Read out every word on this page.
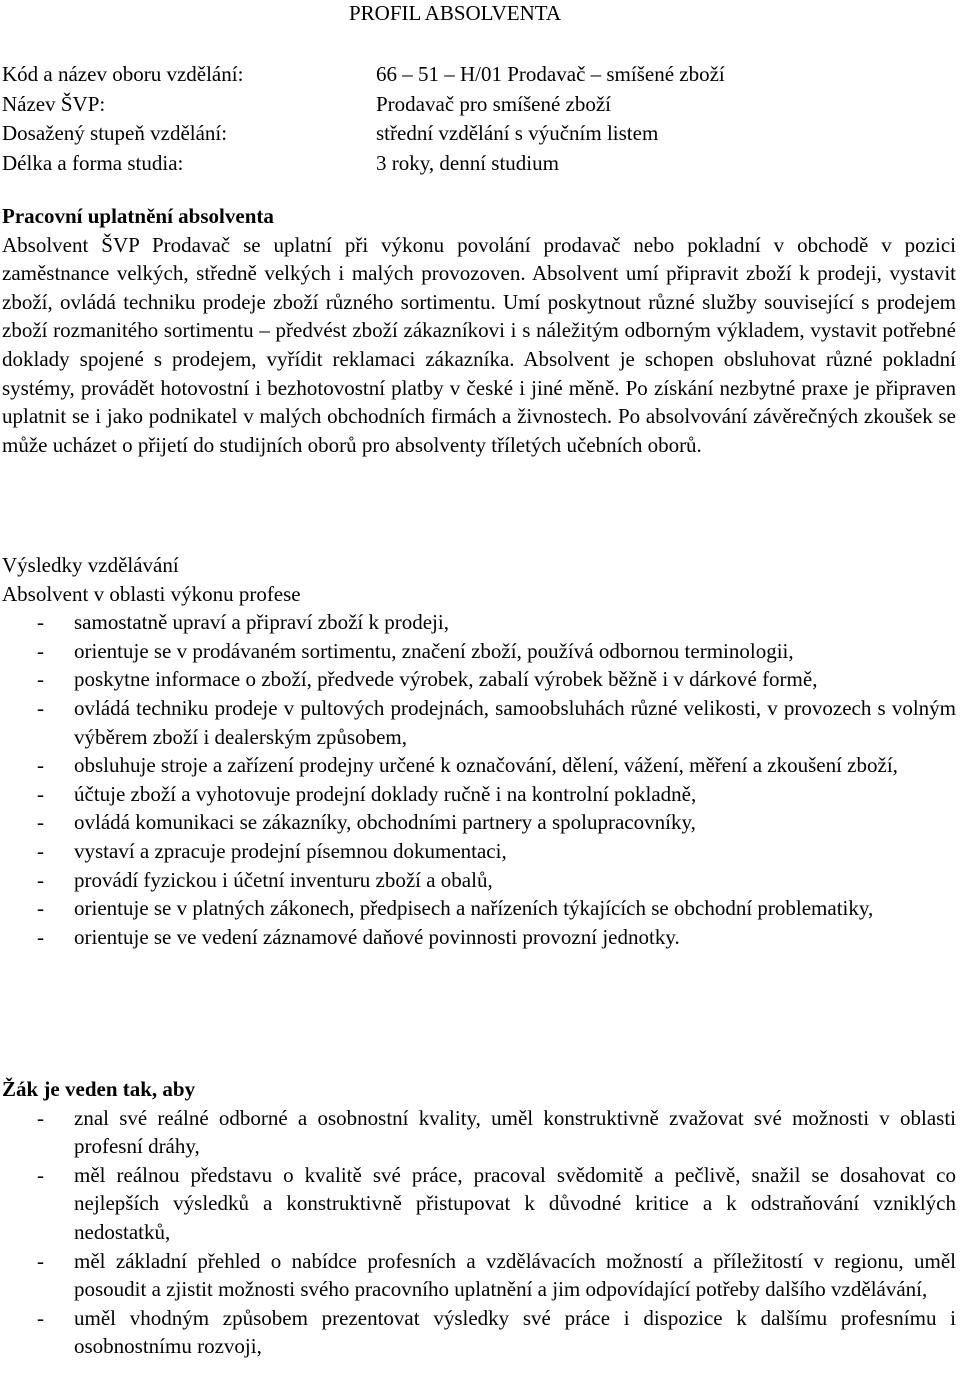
PROFIL ABSOLVENTA
Kód a název oboru vzdělání:	66 – 51 – H/01 Prodavač – smíšené zboží
Název ŠVP:	Prodavač pro smíšené zboží
Dosažený stupeň vzdělání:	střední vzdělání s výučním listem
Délka a forma studia:	3 roky, denní studium

Pracovní uplatnění absolventa

Absolvent ŠVP Prodavač se uplatní při výkonu povolání prodavač nebo pokladní v obchodě v pozici zaměstnance velkých, středně velkých i malých provozoven. Absolvent umí připravit zboží k prodeji, vystavit zboží, ovládá techniku prodeje zboží různého sortimentu. Umí poskytnout různé služby související s prodejem zboží rozmanitého sortimentu – předvést zboží zákazníkovi i s náležitým odborným výkladem, vystavit potřebné doklady spojené s prodejem, vyřídit reklamaci zákazníka. Absolvent je schopen obsluhovat různé pokladní systémy, provádět hotovostní i bezhotovostní platby v české i jiné měně. Po získání nezbytné praxe je připraven uplatnit se i jako podnikatel v malých obchodních firmách a živnostech. Po absolvování závěrečných zkoušek se může ucházet o přijetí do studijních oborů pro absolventy tříletých učebních oborů.

Výsledky vzdělávání

Absolvent v oblasti výkonu profese

- samostatně upraví a připraví zboží k prodeji,
- orientuje se v prodávaném sortimentu, značení zboží, používá odbornou terminologii,
- poskytne informace o zboží, předvede výrobek, zabalí výrobek běžně i v dárkové formě,
- ovládá techniku prodeje v pultových prodejnách, samoobsluhách různé velikosti, v provozech s volným výběrem zboží i dealerským způsobem,
- obsluhuje stroje a zařízení prodejny určené k označování, dělení, vážení, měření a zkoušení zboží,
- účtuje zboží a vyhotovuje prodejní doklady ručně i na kontrolní pokladně,
- ovládá komunikaci se zákazníky, obchodními partnery a spolupracovníky,
- vystaví a zpracuje prodejní písemnou dokumentaci,
- provádí fyzickou i účetní inventuru zboží a obalů,
- orientuje se v platných zákonech, předpisech a nařízeních týkajících se obchodní problematiky,
- orientuje se ve vedení záznamové daňové povinnosti provozní jednotky.

Žák je veden tak, aby

- znal své reálné odborné a osobnostní kvality, uměl konstruktivně zvažovat své možnosti v oblasti profesní dráhy,
- měl reálnou představu o kvalitě své práce, pracoval svědomitě a pečlivě, snažil se dosahovat co nejlepších výsledků a konstruktivně přistupovat k důvodné kritice a k odstraňování vzniklých nedostatků,
- měl základní přehled o nabídce profesních a vzdělávacích možností a příležitostí v regionu, uměl posoudit a zjistit možnosti svého pracovního uplatnění a jim odpovídající potřeby dalšího vzdělávání,
- uměl vhodným způsobem prezentovat výsledky své práce i dispozice k dalšímu profesnímu i osobnostnímu rozvoji,
